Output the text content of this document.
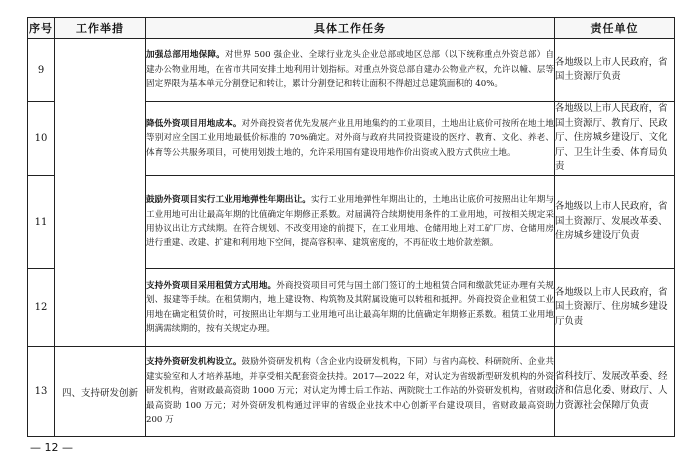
序号	工作举措	具体工作任务	责任单位
9		加强总部用地保障。对世界 500 强企业、全球行业龙头企业总部或地区总部（以下统称重点外资总部）自建办公物业用地，在省市共同安排土地利用计划指标。对重点外资总部自建办公物业产权，允许以幢、层等固定界限为基本单元分割登记和转让，累计分割登记和转让面积不得超过总建筑面积的 40%。	各地级以上市人民政府，省国土资源厅负责
10		降低外资项目用地成本。对外商投资者优先发展产业且用地集约的工业项目，土地出让底价可按所在地土地等别对应全国工业用地最低价标准的 70%确定。对外商与政府共同投资建设的医疗、教育、文化、养老、体育等公共服务项目，可使用划拨土地的，允许采用国有建设用地作价出资或入股方式供应土地。	各地级以上市人民政府，省国土资源厅、教育厅、民政厅、住房城乡建设厅、文化厅、卫生计生委、体育局负责
11		鼓励外资项目实行工业用地弹性年期出让。实行工业用地弹性年期出让的，土地出让底价可按照出让年期与工业用地可出让最高年期的比值确定年期修正系数。对届满符合续期使用条件的工业用地，可按相关规定采用协议出让方式续期。在符合规划、不改变用途的前提下，在工业用地、仓储用地上对工矿厂房、仓储用房进行重建、改建、扩建和利用地下空间，提高容积率、建筑密度的，不再征收土地价款差额。	各地级以上市人民政府，省国土资源厅、发展改革委、住房城乡建设厅负责
12		支持外资项目采用租赁方式用地。外商投资项目可凭与国土部门签订的土地租赁合同和缴款凭证办理有关规划、报建等手续。在租赁期内，地上建设物、构筑物及其附属设施可以转租和抵押。外商投资企业租赁工业用地在确定租赁价时，可按照出让年期与工业用地可出让最高年期的比值确定年期修正系数。租赁工业用地期满需续期的，按有关规定办理。	各地级以上市人民政府，省国土资源厅、住房城乡建设厅负责
13	四、支持研发创新	支持外资研发机构设立。鼓励外资研发机构（含企业内设研发机构，下同）与省内高校、科研院所、企业共建实验室和人才培养基地，并享受相关配套资金扶持。2017—2022 年，对认定为省级新型研发机构的外资研发机构，省财政最高资助 1000 万元；对认定为博士后工作站、两院院士工作站的外资研发机构，省财政最高资助 100 万元；对外资研发机构通过评审的省级企业技术中心创新平台建设项目，省财政最高资助 200 万	省科技厅、发展改革委、经济和信息化委、财政厅、人力资源社会保障厅负责
— 12 —
